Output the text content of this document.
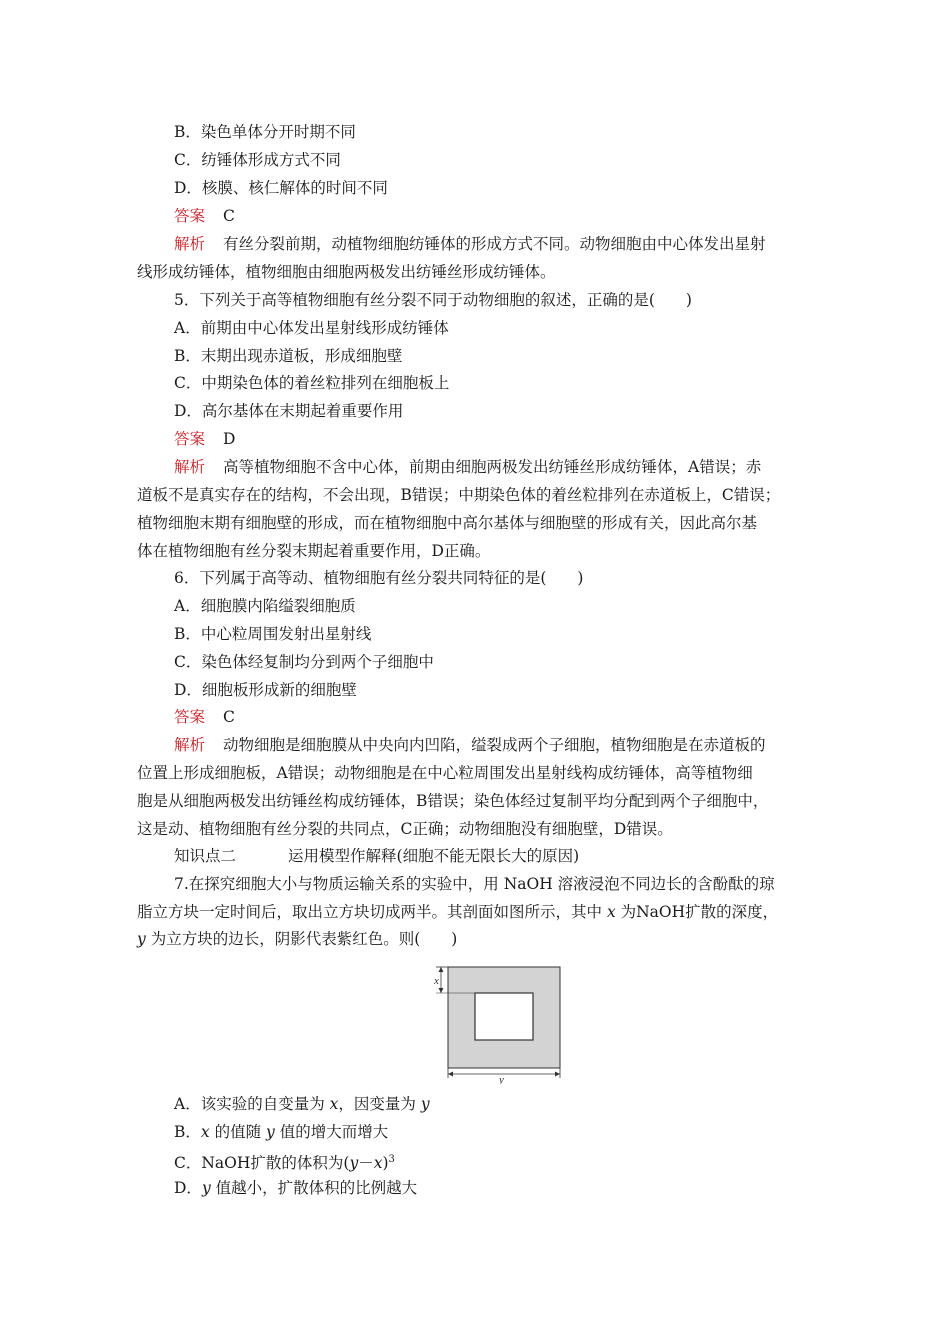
B．染色单体分开时期不同
C．纺锤体形成方式不同
D．核膜、核仁解体的时间不同
答案 C
解析 有丝分裂前期，动植物细胞纺锤体的形成方式不同。动物细胞由中心体发出星射
线形成纺锤体，植物细胞由细胞两极发出纺锤丝形成纺锤体。
5．下列关于高等植物细胞有丝分裂不同于动物细胞的叙述，正确的是(　　)
A．前期由中心体发出星射线形成纺锤体
B．末期出现赤道板，形成细胞壁
C．中期染色体的着丝粒排列在细胞板上
D．高尔基体在末期起着重要作用
答案 D
解析 高等植物细胞不含中心体，前期由细胞两极发出纺锤丝形成纺锤体，A错误；赤
道板不是真实存在的结构，不会出现，B错误；中期染色体的着丝粒排列在赤道板上，C错误；
植物细胞末期有细胞壁的形成，而在植物细胞中高尔基体与细胞壁的形成有关，因此高尔基
体在植物细胞有丝分裂末期起着重要作用，D正确。
6．下列属于高等动、植物细胞有丝分裂共同特征的是(　　)
A．细胞膜内陷缢裂细胞质
B．中心粒周围发射出星射线
C．染色体经复制均分到两个子细胞中
D．细胞板形成新的细胞壁
答案 C
解析 动物细胞是细胞膜从中央向内凹陷，缢裂成两个子细胞，植物细胞是在赤道板的
位置上形成细胞板，A错误；动物细胞是在中心粒周围发出星射线构成纺锤体，高等植物细
胞是从细胞两极发出纺锤丝构成纺锤体，B错误；染色体经过复制平均分配到两个子细胞中，
这是动、植物细胞有丝分裂的共同点，C正确；动物细胞没有细胞壁，D错误。
知识点二	运用模型作解释(细胞不能无限长大的原因)
7.在探究细胞大小与物质运输关系的实验中，用 NaOH 溶液浸泡不同边长的含酚酞的琼
脂立方块一定时间后，取出立方块切成两半。其剖面如图所示，其中 x 为NaOH扩散的深度，
y 为立方块的边长，阴影代表紫红色。则(　　)
x
y
A．该实验的自变量为 x，因变量为 y
B．x 的值随 y 值的增大而增大
C．NaOH扩散的体积为$(y-x)^3$
D．y 值越小，扩散体积的比例越大
